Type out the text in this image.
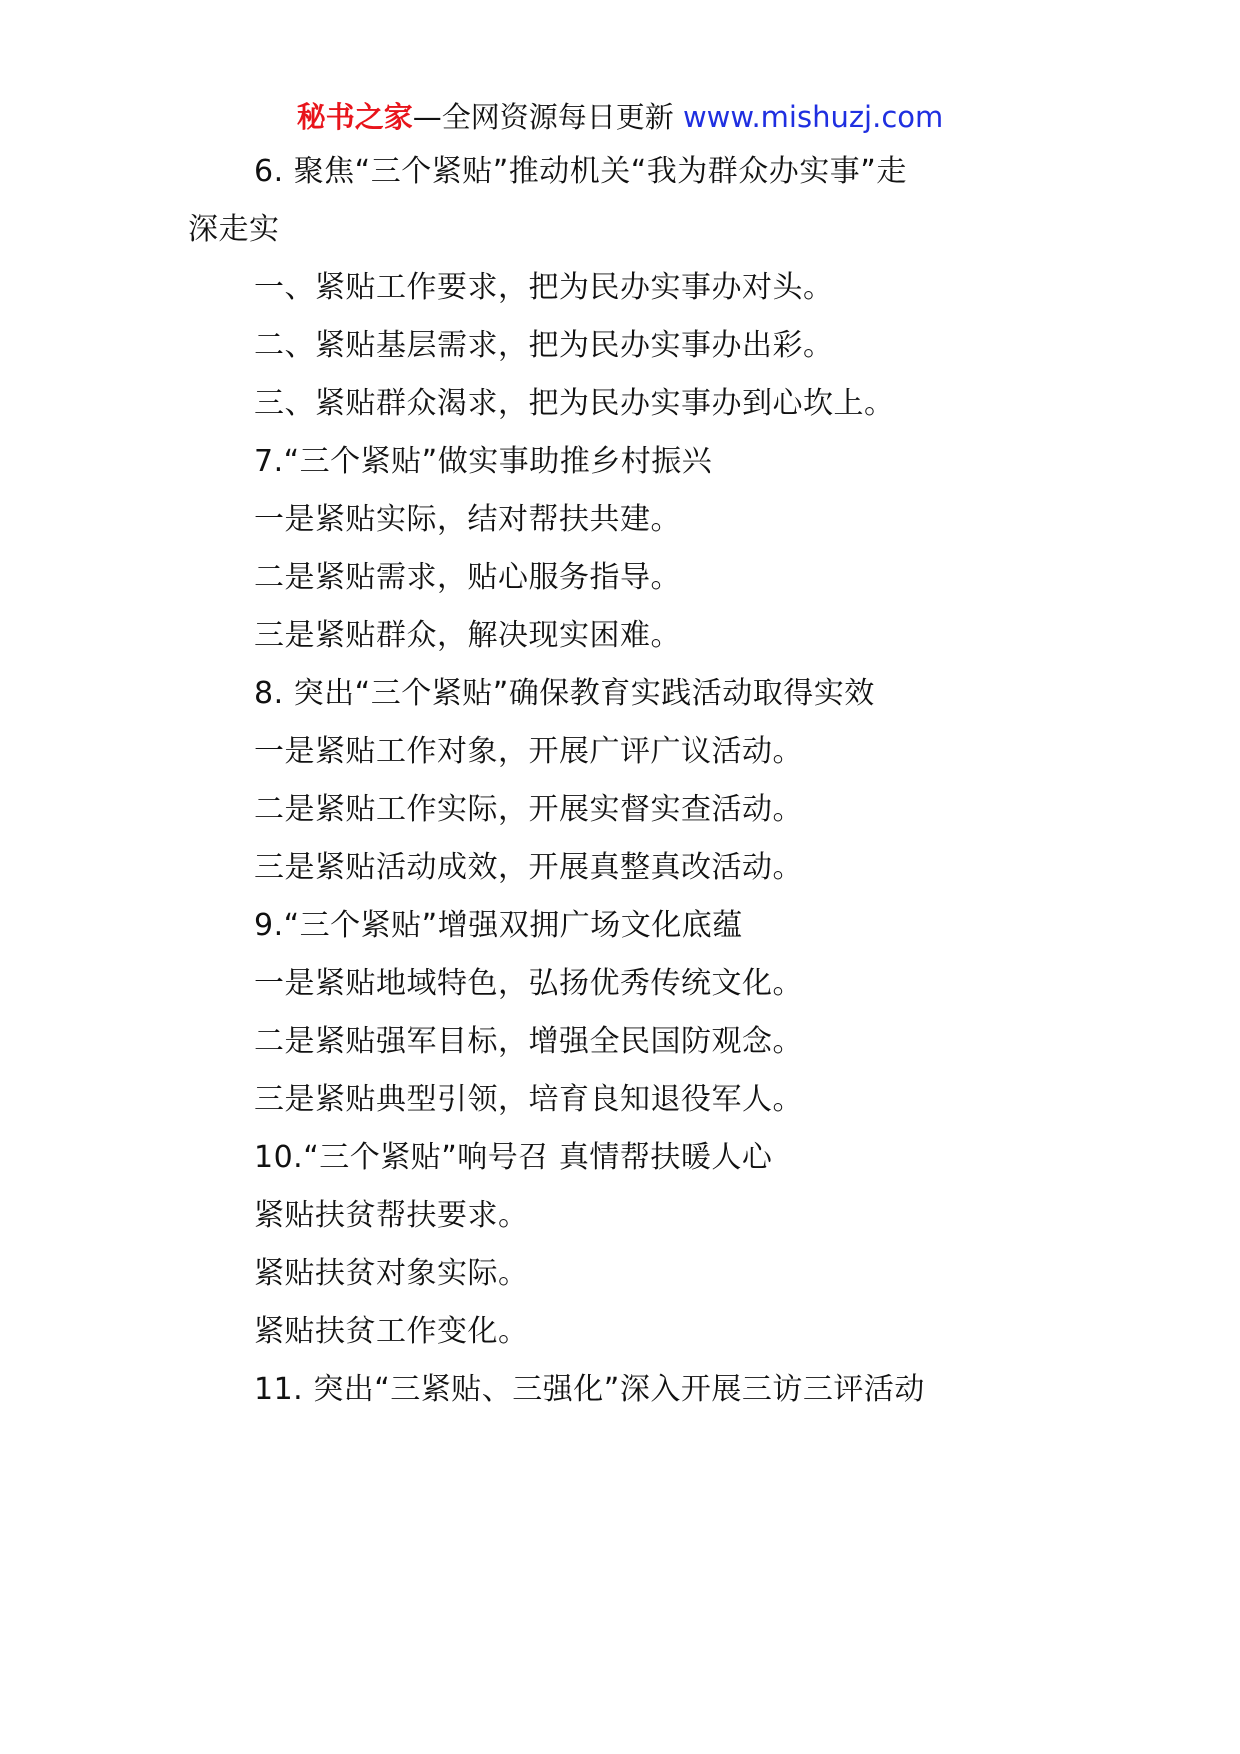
秘书之家—全网资源每日更新 www.mishuzj.com
6. 聚焦“三个紧贴”推动机关“我为群众办实事”走
深走实
一、紧贴工作要求，把为民办实事办对头。
二、紧贴基层需求，把为民办实事办出彩。
三、紧贴群众渴求，把为民办实事办到心坎上。
7.“三个紧贴”做实事助推乡村振兴
一是紧贴实际，结对帮扶共建。
二是紧贴需求，贴心服务指导。
三是紧贴群众，解决现实困难。
8. 突出“三个紧贴”确保教育实践活动取得实效
一是紧贴工作对象，开展广评广议活动。
二是紧贴工作实际，开展实督实查活动。
三是紧贴活动成效，开展真整真改活动。
9.“三个紧贴”增强双拥广场文化底蕴
一是紧贴地域特色，弘扬优秀传统文化。
二是紧贴强军目标，增强全民国防观念。
三是紧贴典型引领，培育良知退役军人。
10.“三个紧贴”响号召 真情帮扶暖人心
紧贴扶贫帮扶要求。
紧贴扶贫对象实际。
紧贴扶贫工作变化。
11. 突出“三紧贴、三强化”深入开展三访三评活动
